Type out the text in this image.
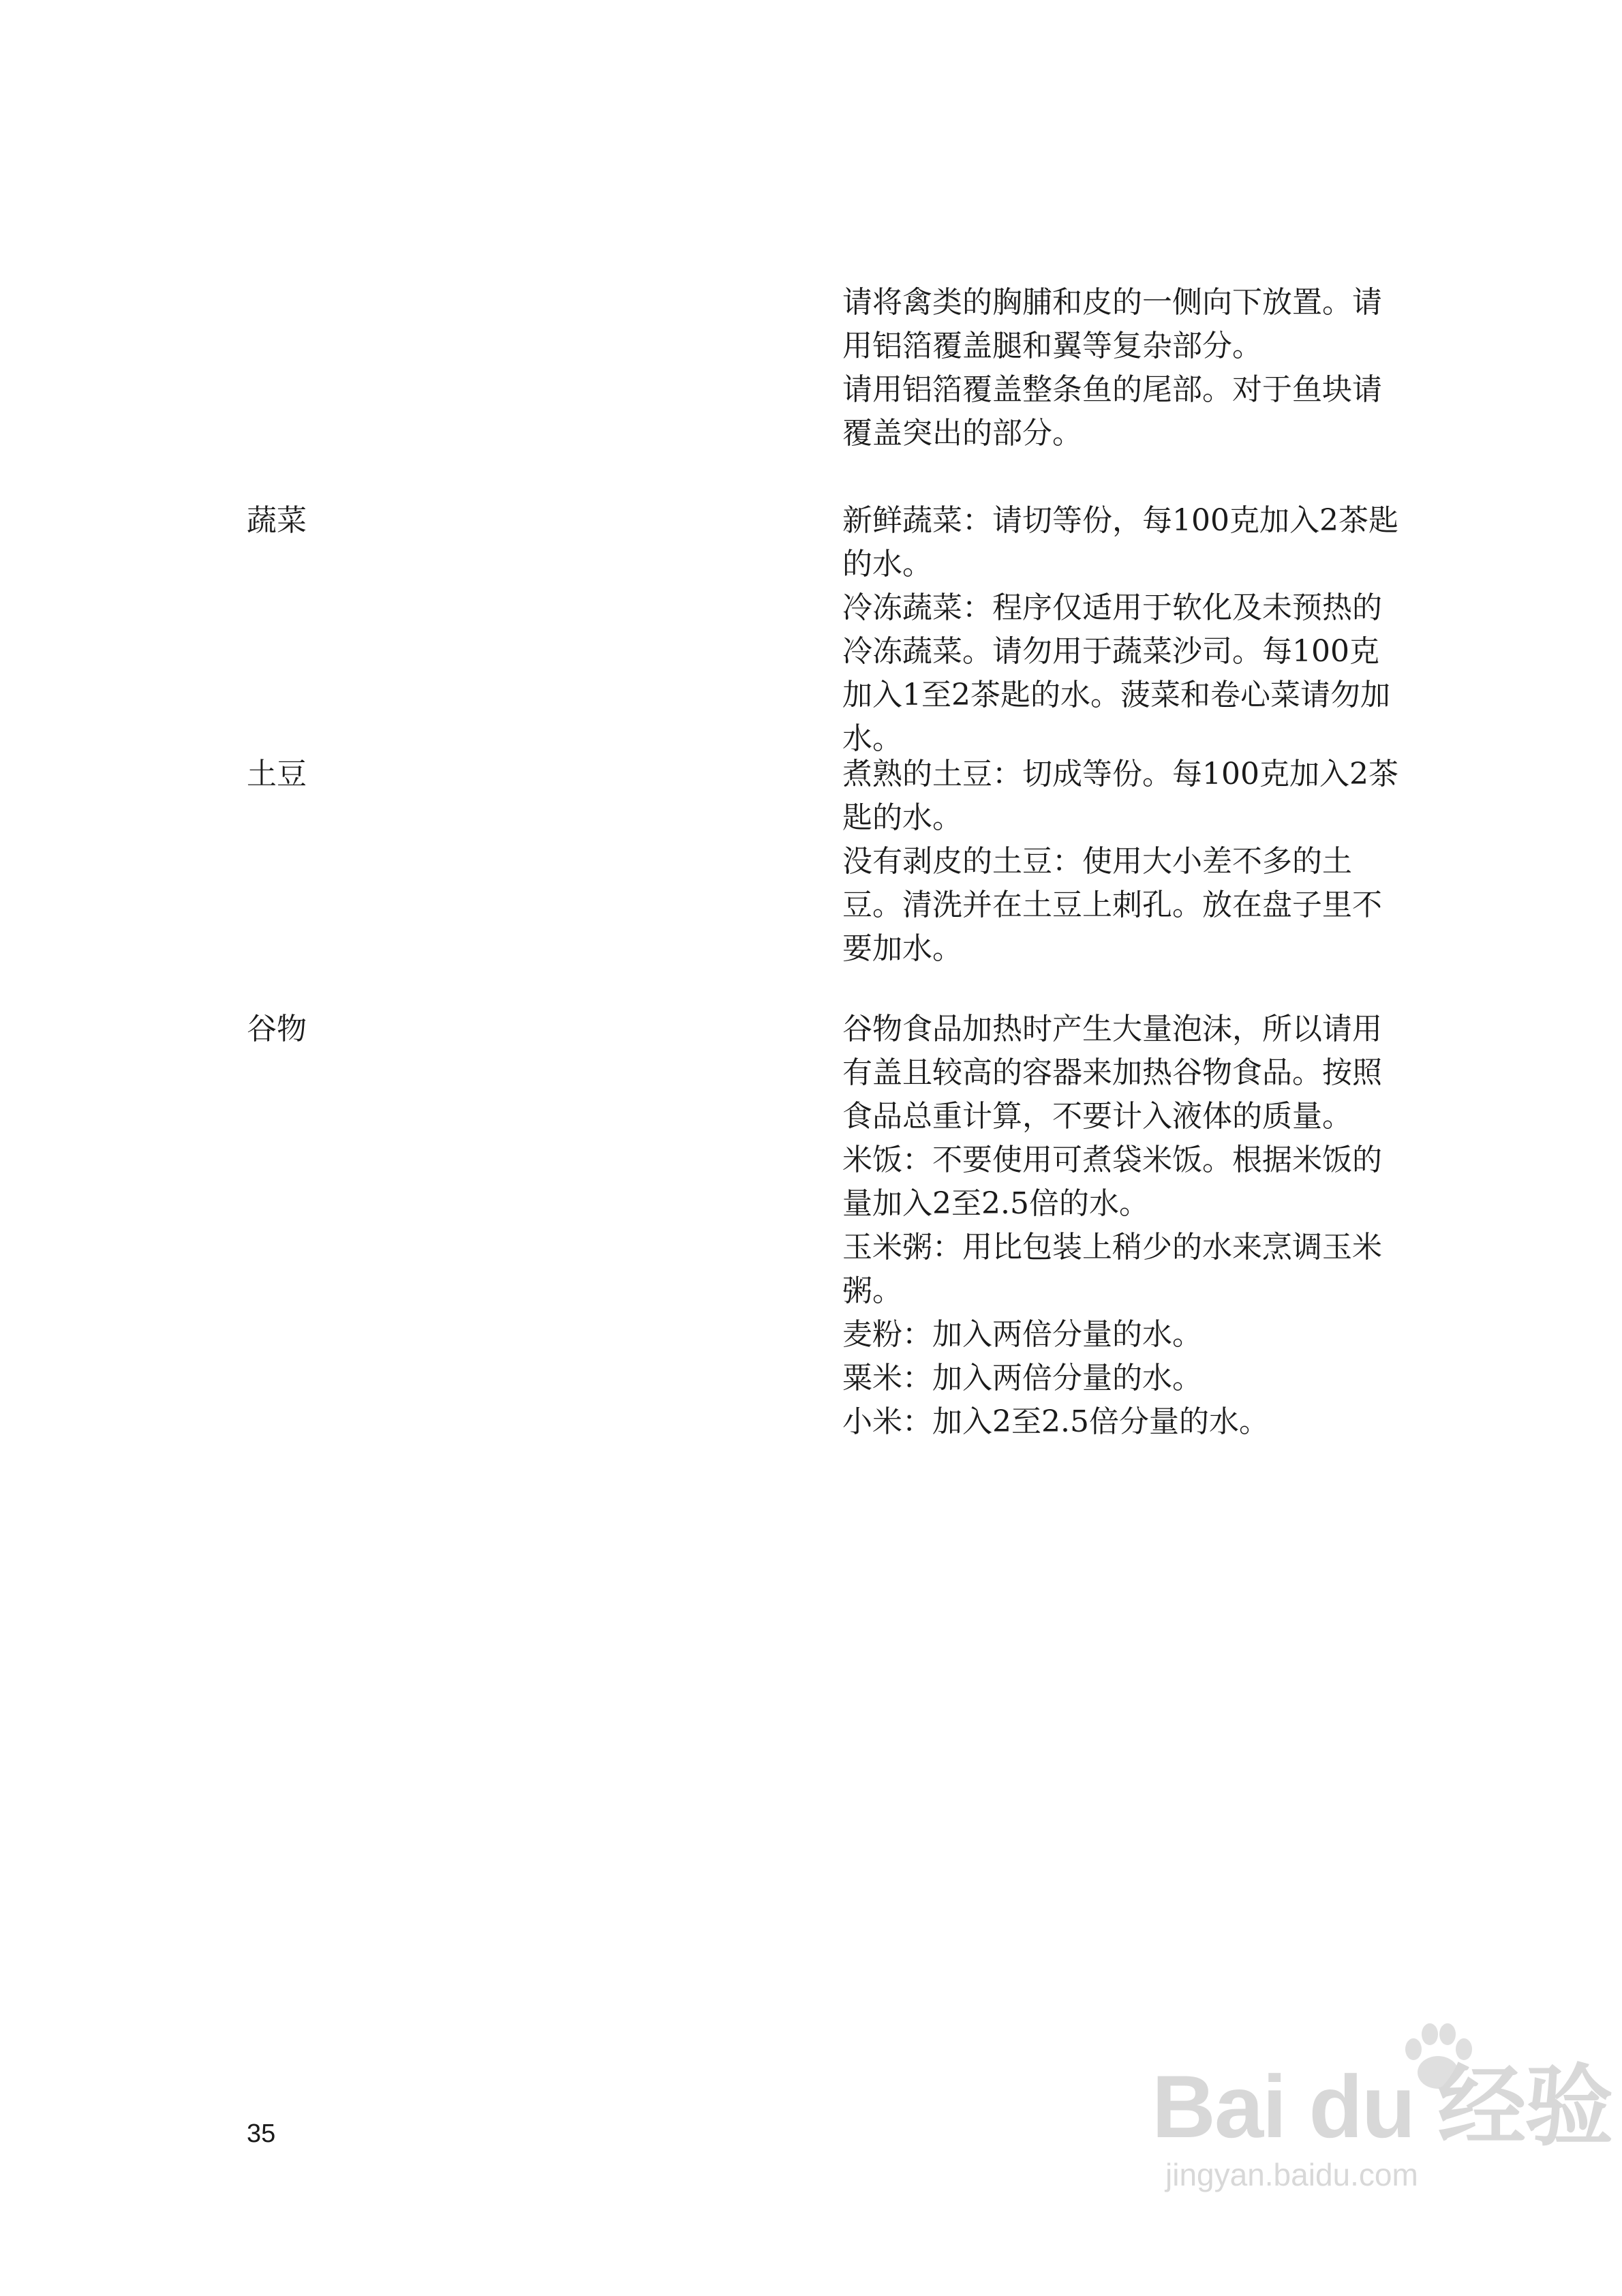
请将禽类的胸脯和皮的一侧向下放置。请用铝箔覆盖腿和翼等复杂部分。

请用铝箔覆盖整条鱼的尾部。对于鱼块请覆盖突出的部分。

蔬菜	新鲜蔬菜：请切等份，每100克加入2茶匙的水。

冷冻蔬菜：程序仅适用于软化及未预热的冷冻蔬菜。请勿用于蔬菜沙司。每100克加入1至2茶匙的水。菠菜和卷心菜请勿加水。

土豆	煮熟的土豆：切成等份。每100克加入2茶匙的水。

没有剥皮的土豆：使用大小差不多的土豆。清洗并在土豆上刺孔。放在盘子里不要加水。

谷物	谷物食品加热时产生大量泡沫，所以请用有盖且较高的容器来加热谷物食品。按照食品总重计算，不要计入液体的质量。

米饭：不要使用可煮袋米饭。根据米饭的量加入2至2.5倍的水。

玉米粥：用比包装上稍少的水来烹调玉米粥。

麦粉：加入两倍分量的水。

粟米：加入两倍分量的水。

小米：加入2至2.5倍分量的水。

35	Bai du 经验
jingyan.baidu.com
